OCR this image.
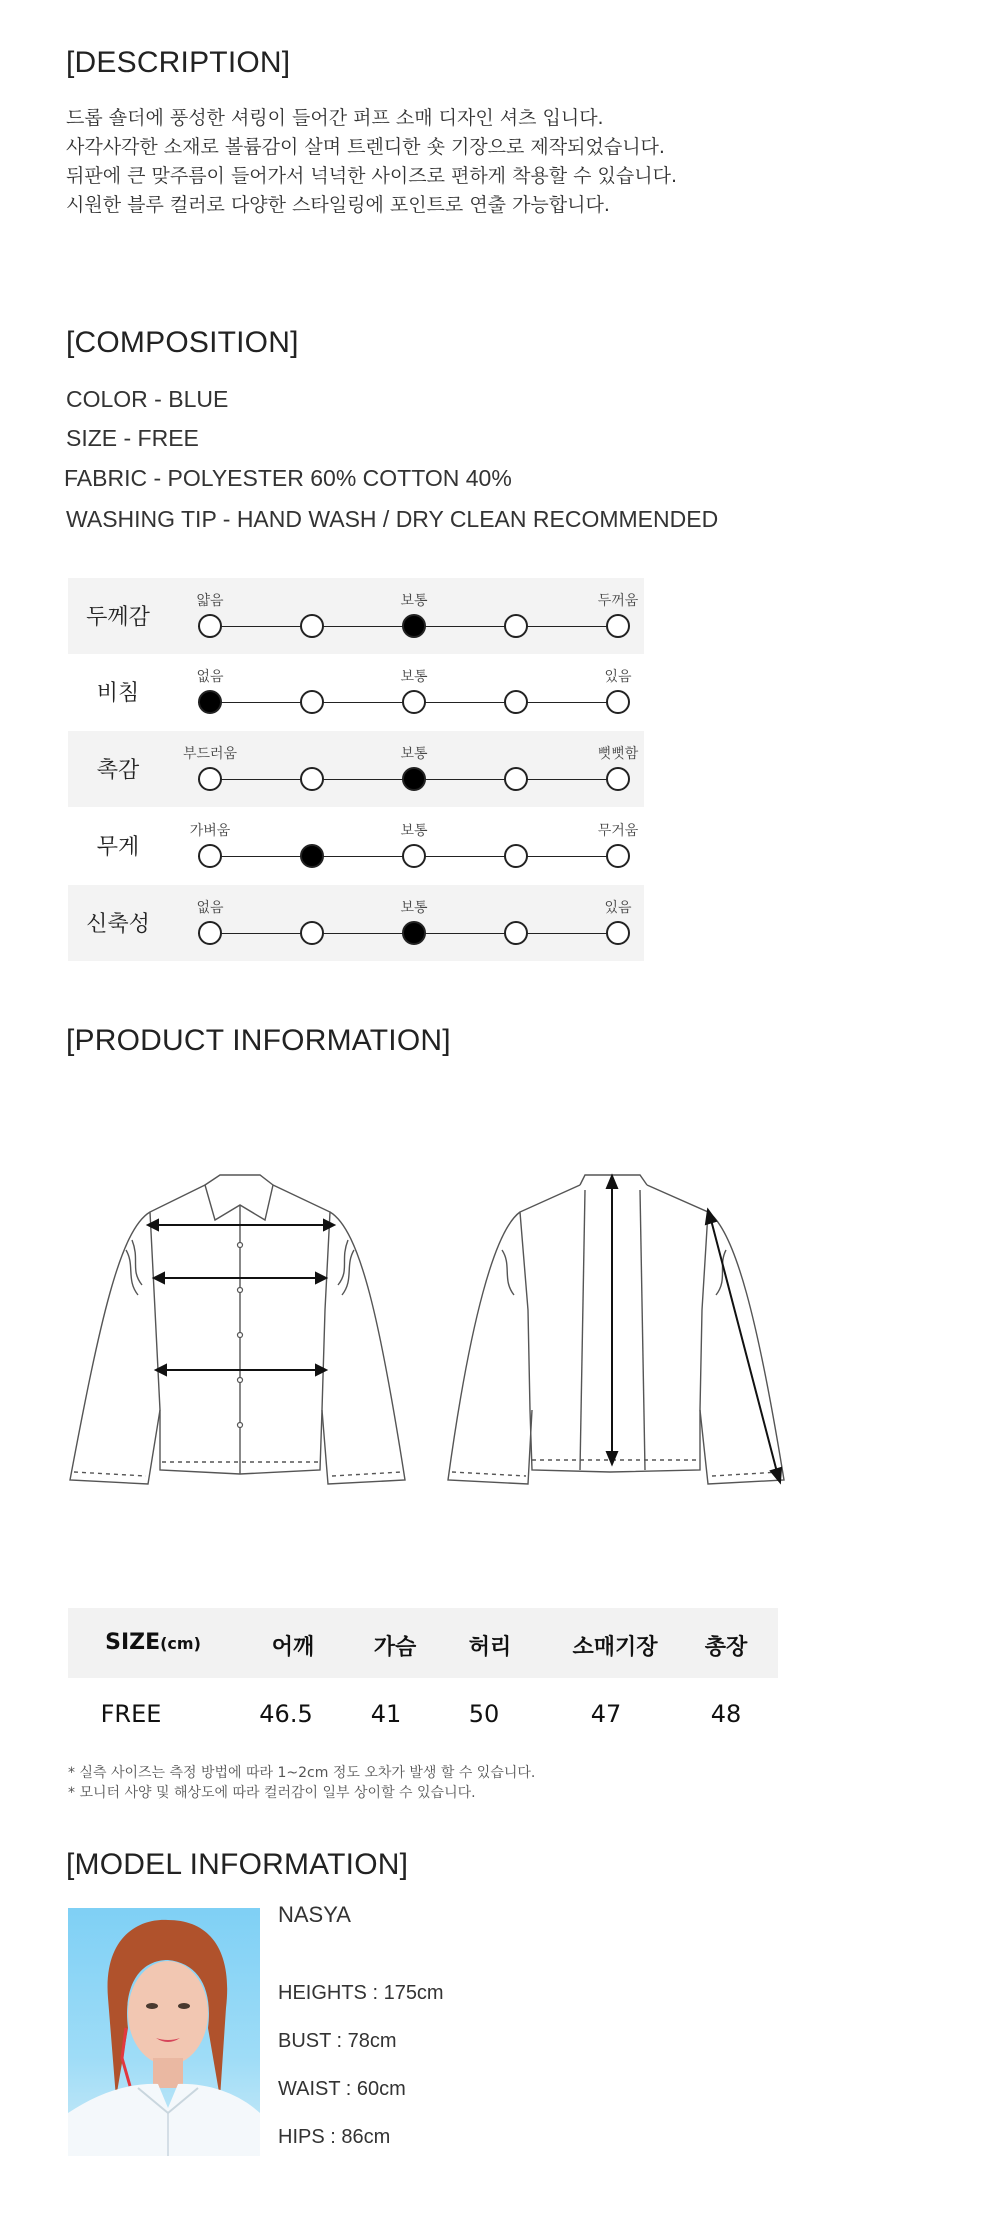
[DESCRIPTION]
드롭 숄더에 풍성한 셔링이 들어간 퍼프 소매 디자인 셔츠 입니다.
사각사각한 소재로 볼륨감이 살며 트렌디한 숏 기장으로 제작되었습니다.
뒤판에 큰 맞주름이 들어가서 넉넉한 사이즈로 편하게 착용할 수 있습니다.
시원한 블루 컬러로 다양한 스타일링에 포인트로 연출 가능합니다.
[COMPOSITION]
COLOR - BLUE
SIZE - FREE
FABRIC - POLYESTER 60% COTTON 40%
WASHING TIP - HAND WASH / DRY CLEAN RECOMMENDED
두께감
얇음	보통	두꺼움
비침
없음	보통	있음
촉감
부드러움	보통	뻣뻣함
무게
가벼움	보통	무거움
신축성
없음	보통	있음
[PRODUCT INFORMATION]
SIZE(cm)	어깨	가슴	허리	소매기장	총장
FREE	46.5	41	50	47	48
* 실측 사이즈는 측정 방법에 따라 1~2cm 정도 오차가 발생 할 수 있습니다.
* 모니터 사양 및 해상도에 따라 컬러감이 일부 상이할 수 있습니다.
[MODEL INFORMATION]
NASYA
HEIGHTS : 175cm
BUST : 78cm
WAIST : 60cm
HIPS : 86cm
